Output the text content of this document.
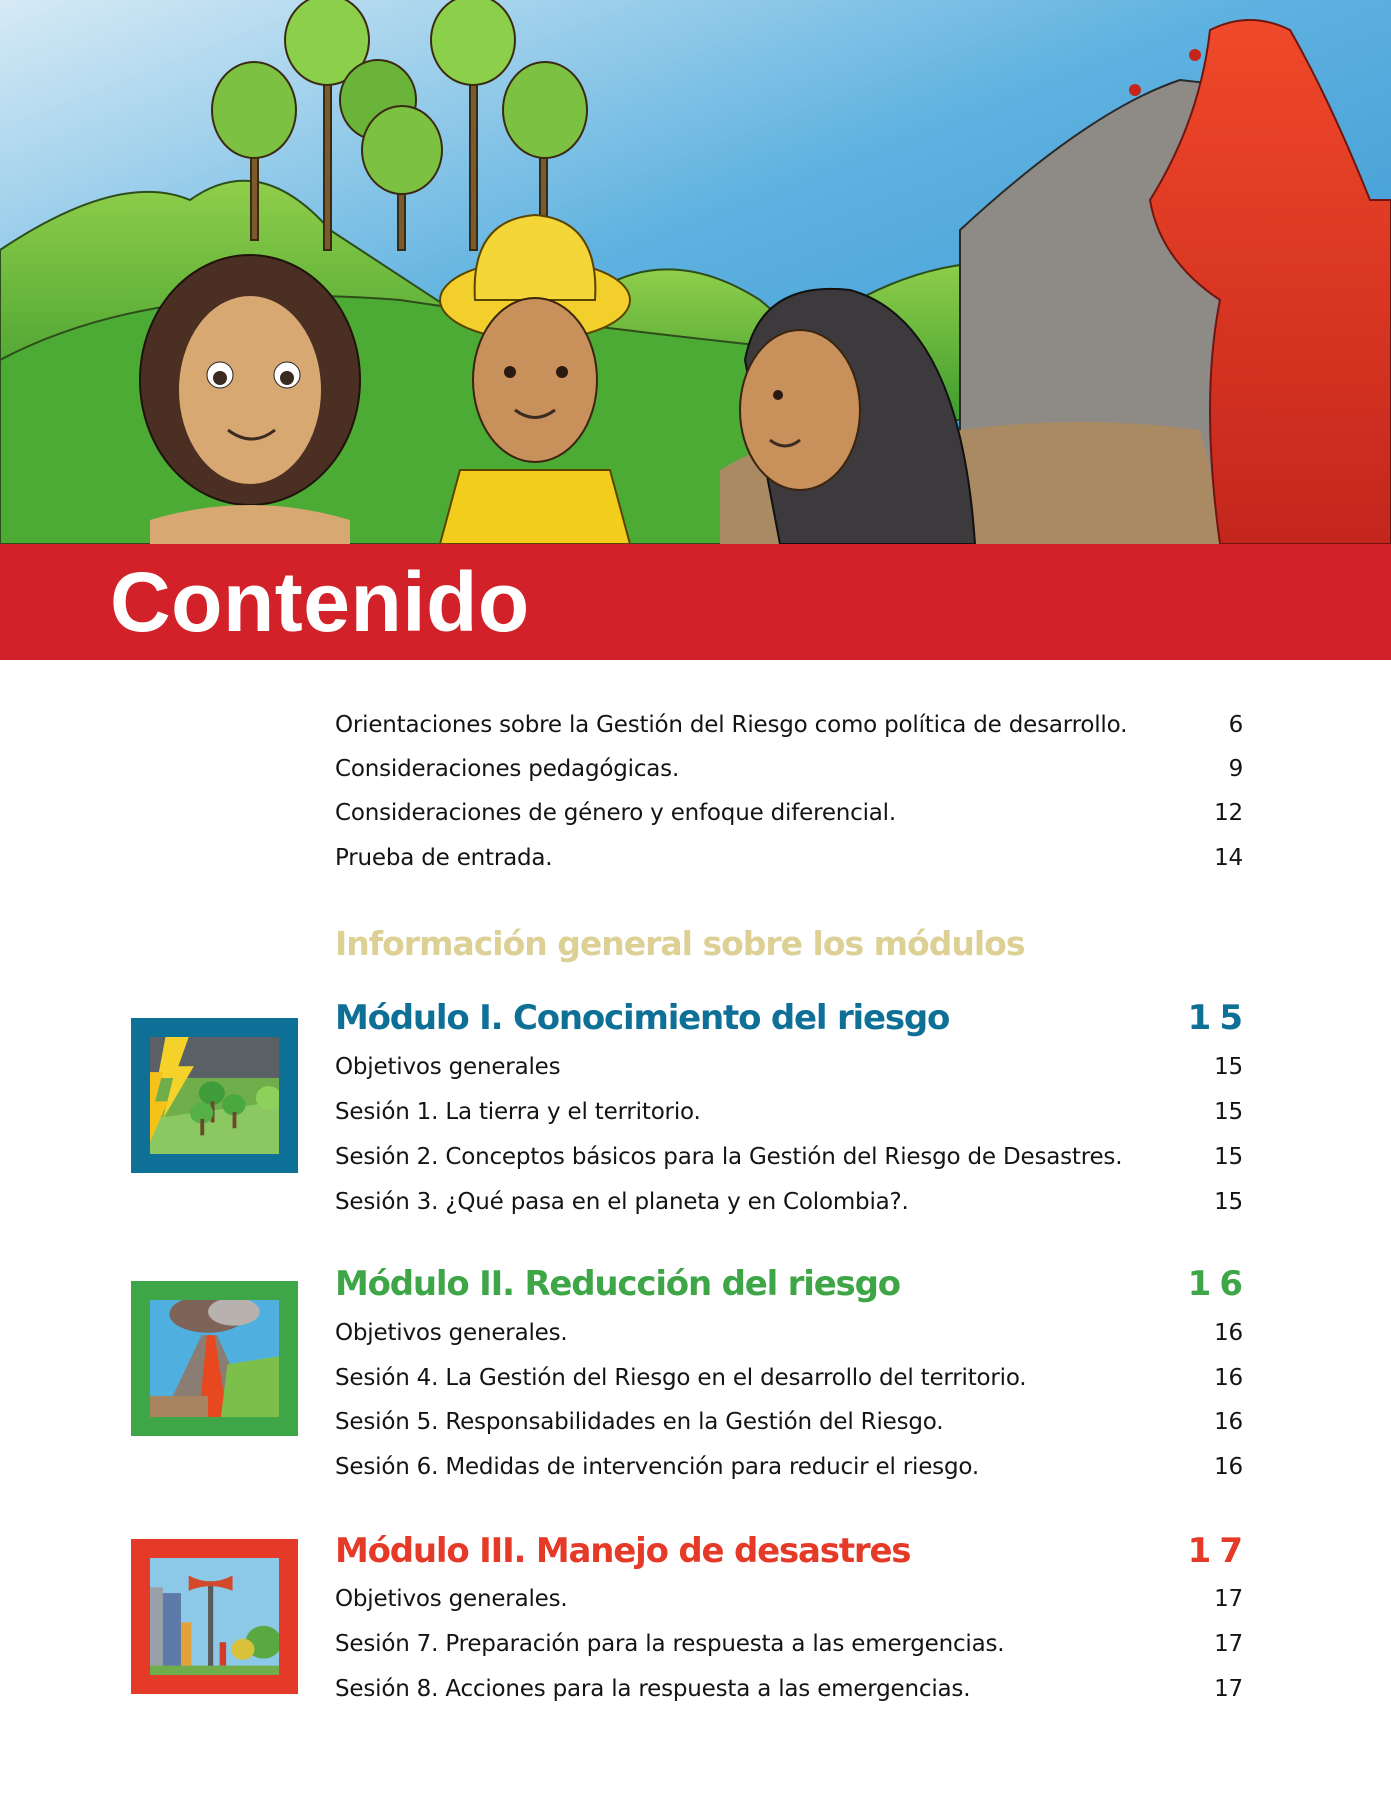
Contenido
Orientaciones sobre la Gestión del Riesgo como política de desarrollo.	6
Consideraciones pedagógicas.	9
Consideraciones de género y enfoque diferencial.	12
Prueba de entrada.	14
Información general sobre los módulos
Módulo I. Conocimiento del riesgo	15
Objetivos generales	15
Sesión 1. La tierra y el territorio.	15
Sesión 2. Conceptos básicos para la Gestión del Riesgo de Desastres.	15
Sesión 3. ¿Qué pasa en el planeta y en Colombia?.	15
Módulo II. Reducción del riesgo	16
Objetivos generales.	16
Sesión 4. La Gestión del Riesgo en el desarrollo del territorio.	16
Sesión 5. Responsabilidades en la Gestión del Riesgo.	16
Sesión 6. Medidas de intervención para reducir el riesgo.	16
Módulo III. Manejo de desastres	17
Objetivos generales.	17
Sesión 7. Preparación para la respuesta a las emergencias.	17
Sesión 8. Acciones para la respuesta a las emergencias.	17
